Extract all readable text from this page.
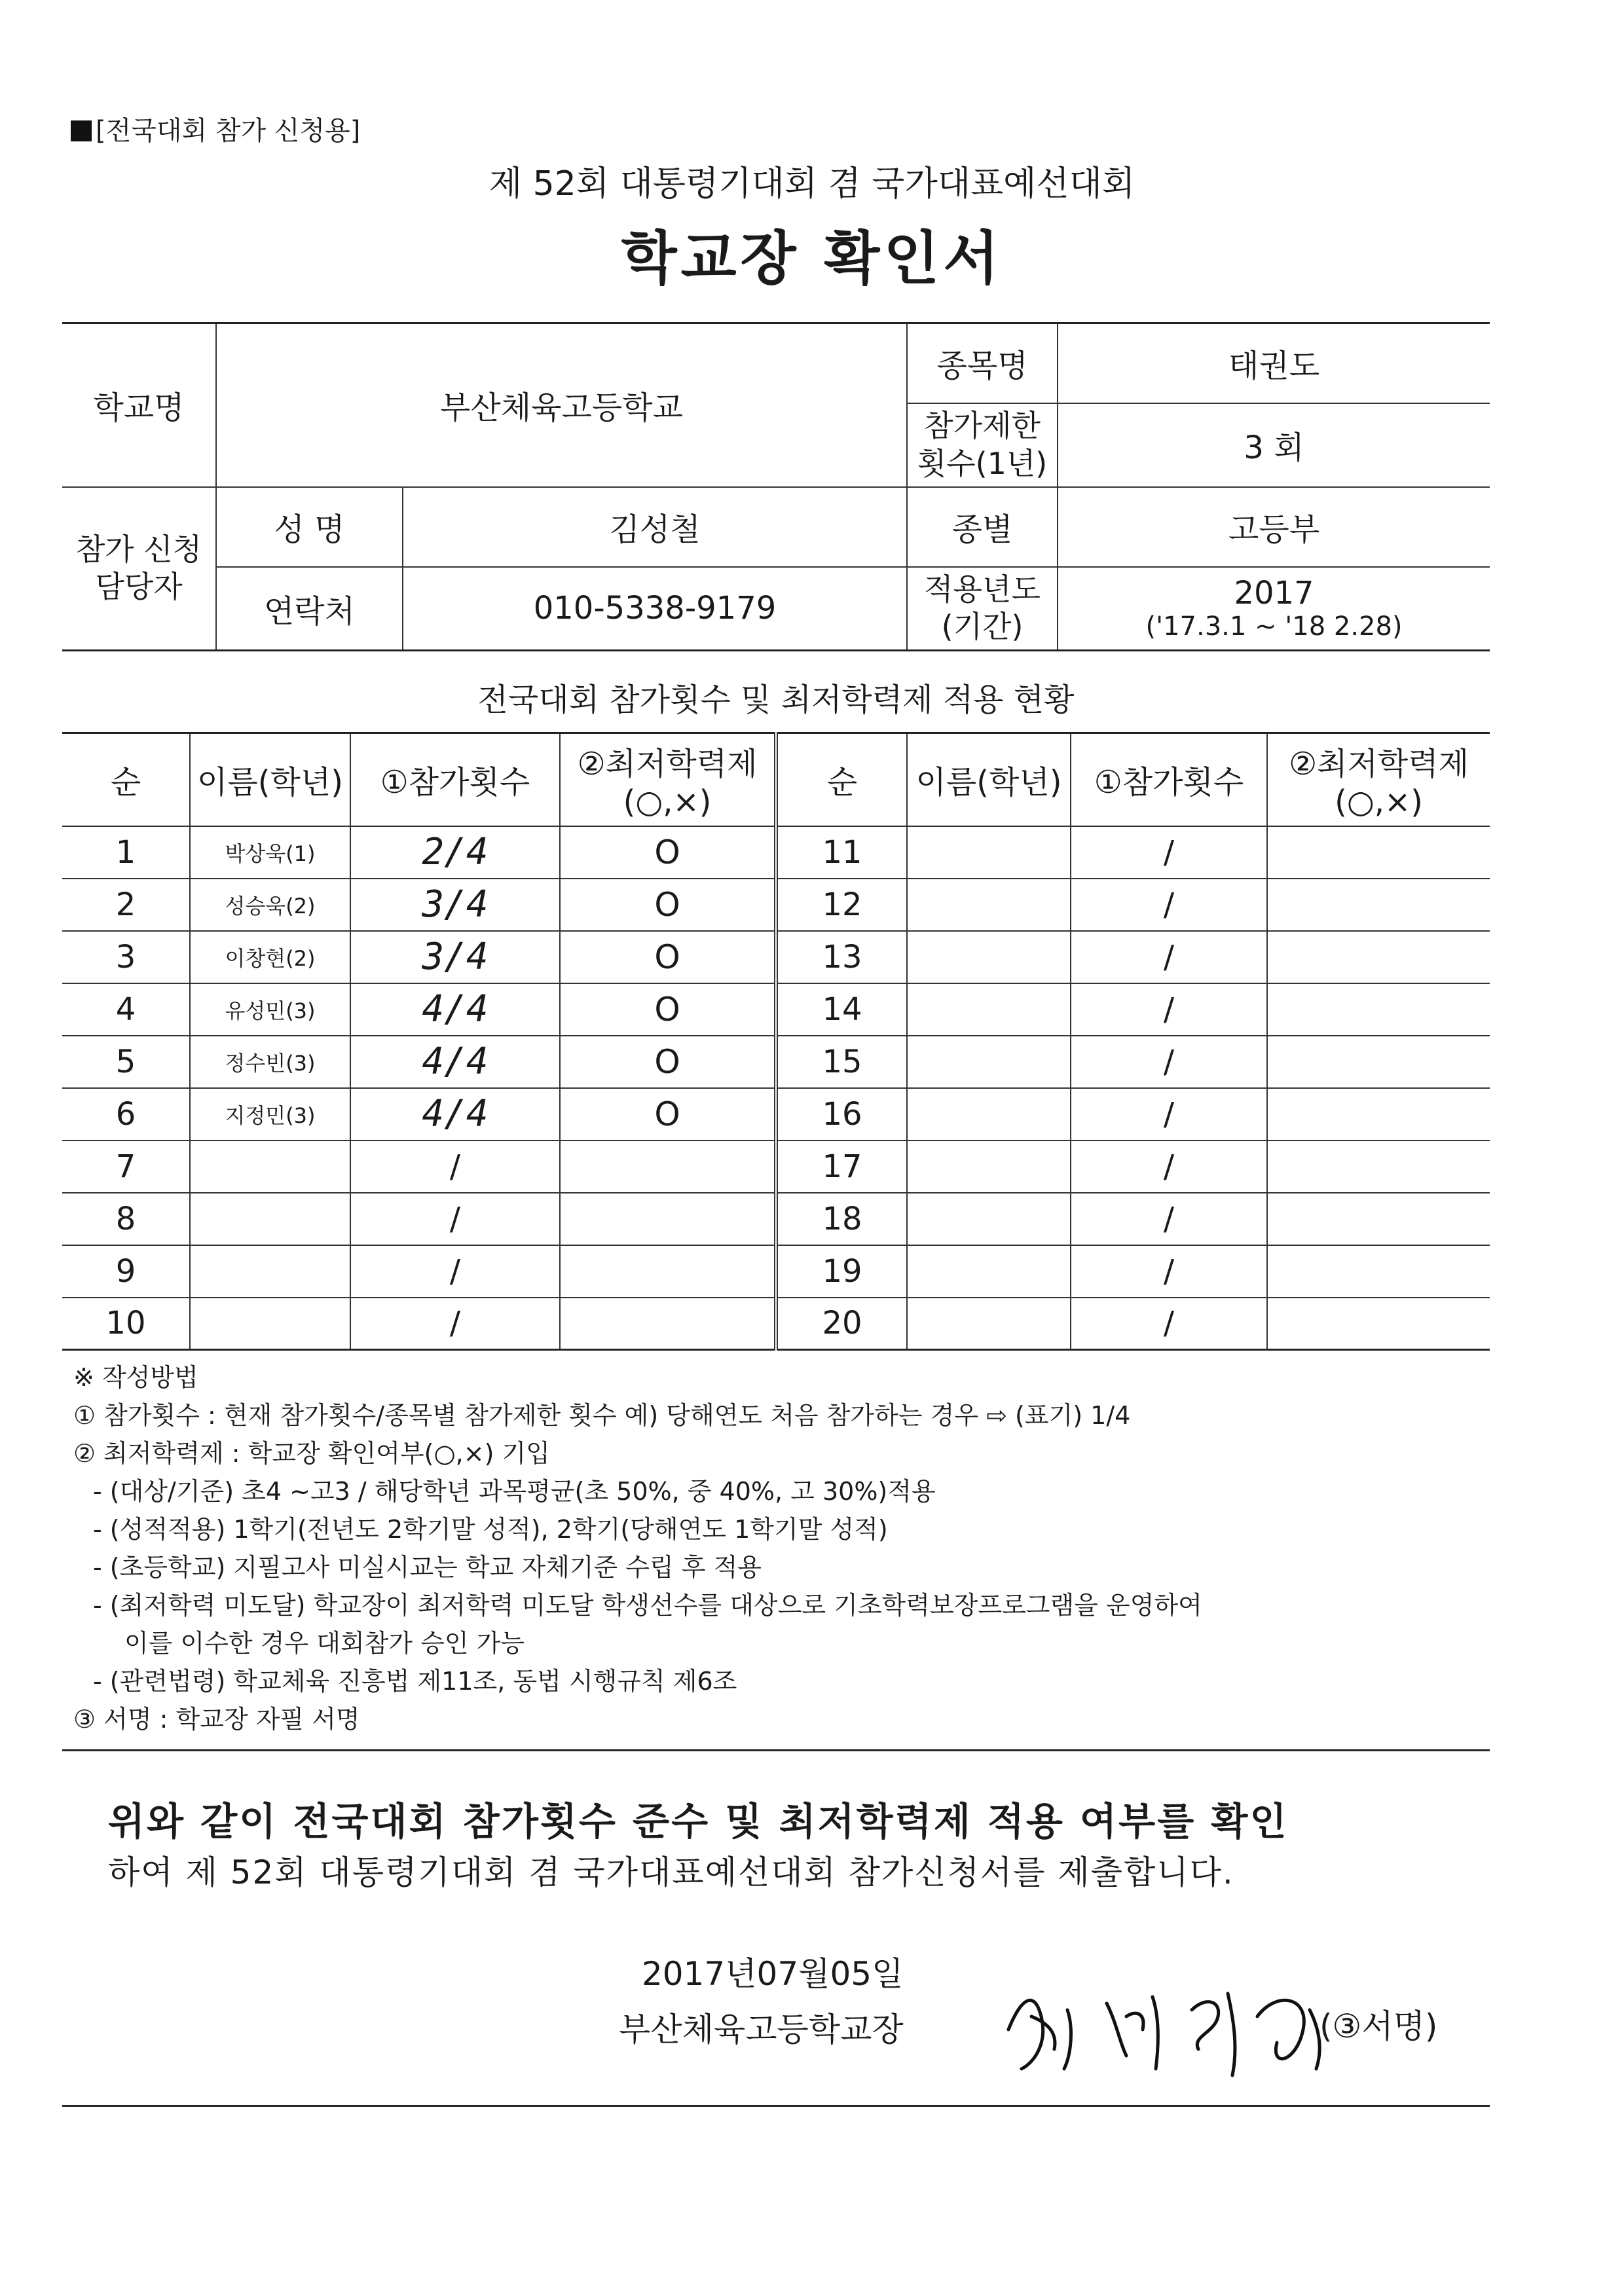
[전국대회 참가 신청용]
제 52회 대통령기대회 겸 국가대표예선대회
학교장 확인서
학교명	부산체육고등학교		종목명	태권도
			참가제한 횟수(1년)	3 회
참가 신청 담당자	성 명	김성철	종별	고등부
	연락처	010-5338-9179	적용년도 (기간)	2017
('17.3.1 ~ '18 2.28)
전국대회 참가횟수 및 최저학력제 적용 현황
순	이름(학년)	①참가횟수	②최저학력제 (○,×)	순	이름(학년)	①참가횟수	②최저학력제 (○,×)
1	박상욱(1)	2/4	O	11		/	
2	성승욱(2)	3/4	O	12		/	
3	이창현(2)	3/4	O	13		/	
4	유성민(3)	4/4	O	14		/	
5	정수빈(3)	4/4	O	15		/	
6	지정민(3)	4/4	O	16		/	
7		/		17		/	
8		/		18		/	
9		/		19		/	
10		/		20		/	
※ 작성방법
① 참가횟수 : 현재 참가횟수/종목별 참가제한 횟수 예) 당해연도 처음 참가하는 경우 ⇨ (표기) 1/4
② 최저학력제 : 학교장 확인여부(○,×) 기입
- (대상/기준) 초4 ~고3 / 해당학년 과목평균(초 50%, 중 40%, 고 30%)적용
- (성적적용) 1학기(전년도 2학기말 성적), 2학기(당해연도 1학기말 성적)
- (초등학교) 지필고사 미실시교는 학교 자체기준 수립 후 적용
- (최저학력 미도달) 학교장이 최저학력 미도달 학생선수를 대상으로 기초학력보장프로그램을 운영하여
이를 이수한 경우 대회참가 승인 가능
- (관련법령) 학교체육 진흥법 제11조, 동법 시행규칙 제6조
③ 서명 : 학교장 자필 서명
위와 같이 전국대회 참가횟수 준수 및 최저학력제 적용 여부를 확인
하여 제 52회 대통령기대회 겸 국가대표예선대회 참가신청서를 제출합니다.
2017년07월05일
부산체육고등학교장	(③서명)
